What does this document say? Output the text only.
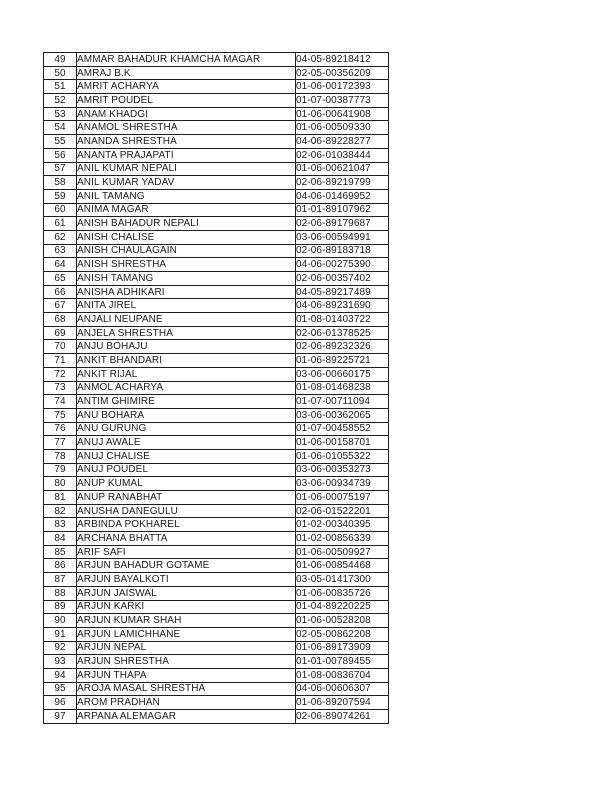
49	AMMAR BAHADUR KHAMCHA MAGAR	04-05-89218412
50	AMRAJ B.K	02-05-00356209
51	AMRIT ACHARYA	01-06-00172393
52	AMRIT POUDEL	01-07-00387773
53	ANAM KHADGI	01-06-00641908
54	ANAMOL SHRESTHA	01-06-00509330
55	ANANDA SHRESTHA	04-06-89228277
56	ANANTA PRAJAPATI	02-06-01038444
57	ANIL KUMAR NEPALI	01-06-00621047
58	ANIL KUMAR YADAV	02-06-89219799
59	ANIL TAMANG	04-06-01469952
60	ANIMA MAGAR	01-01-89107962
61	ANISH BAHADUR NEPALI	02-06-89179687
62	ANISH CHALISE	03-06-00594991
63	ANISH CHAULAGAIN	02-06-89183718
64	ANISH SHRESTHA	04-06-00275390
65	ANISH TAMANG	02-06-00357402
66	ANISHA ADHIKARI	04-05-89217489
67	ANITA JIREL	04-06-89231690
68	ANJALI NEUPANE	01-08-01403722
69	ANJELA SHRESTHA	02-06-01378525
70	ANJU BOHAJU	02-06-89232326
71	ANKIT BHANDARI	01-06-89225721
72	ANKIT RIJAL	03-06-00660175
73	ANMOL ACHARYA	01-08-01468238
74	ANTIM GHIMIRE	01-07-00711094
75	ANU BOHARA	03-06-00362065
76	ANU GURUNG	01-07-00458552
77	ANUJ AWALE	01-06-00158701
78	ANUJ CHALISE	01-06-01055322
79	ANUJ POUDEL	03-06-00353273
80	ANUP KUMAL	03-06-00934739
81	ANUP RANABHAT	01-06-00075197
82	ANUSHA DANEGULU	02-06-01522201
83	ARBINDA POKHAREL	01-02-00340395
84	ARCHANA BHATTA	01-02-00856339
85	ARIF SAFI	01-06-00509927
86	ARJUN BAHADUR GOTAME	01-06-00854468
87	ARJUN BAYALKOTI	03-05-01417300
88	ARJUN JAISWAL	01-06-00835726
89	ARJUN KARKI	01-04-89220225
90	ARJUN KUMAR SHAH	01-06-00528208
91	ARJUN LAMICHHANE	02-05-00862208
92	ARJUN NEPAL	01-06-89173909
93	ARJUN SHRESTHA	01-01-00789455
94	ARJUN THAPA	01-08-00836704
95	AROJA MASAL SHRESTHA	04-06-00606307
96	AROM PRADHAN	01-06-89207594
97	ARPANA ALEMAGAR	02-06-89074261
